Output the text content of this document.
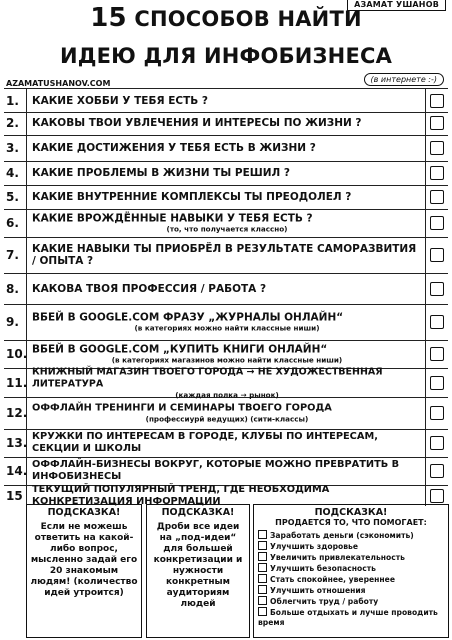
АЗАМАТ УШАНОВ
15 СПОСОБОВ НАЙТИ
ИДЕЮ ДЛЯ ИНФОБИЗНЕСА
AZAMATUSHANOV.COM	(в интернете :-)
1. КАКИЕ ХОББИ У ТЕБЯ ЕСТЬ ?
2. КАКОВЫ ТВОИ УВЛЕЧЕНИЯ И ИНТЕРЕСЫ ПО ЖИЗНИ ?
3. КАКИЕ ДОСТИЖЕНИЯ У ТЕБЯ ЕСТЬ В ЖИЗНИ ?
4. КАКИЕ ПРОБЛЕМЫ В ЖИЗНИ ТЫ РЕШИЛ ?
5. КАКИЕ ВНУТРЕННИЕ КОМПЛЕКСЫ ТЫ ПРЕОДОЛЕЛ ?
6. КАКИЕ ВРОЖДЁННЫЕ НАВЫКИ У ТЕБЯ ЕСТЬ ?
(то, что получается классно)
7. КАКИЕ НАВЫКИ ТЫ ПРИОБРЁЛ В РЕЗУЛЬТАТЕ САМОРАЗВИТИЯ / ОПЫТА ?
8. КАКОВА ТВОЯ ПРОФЕССИЯ / РАБОТА ?
9. ВБЕЙ В GOOGLE.COM ФРАЗУ „ЖУРНАЛЫ ОНЛАЙН“
(в категориях можно найти классные ниши)
10. ВБЕЙ В GOOGLE.COM „КУПИТЬ КНИГИ ОНЛАЙН“
(в категориях магазинов можно найти классные ниши)
11.
КНИЖНЫЙ МАГАЗИН ТВОЕГО ГОРОДА → НЕ ХУДОЖЕСТВЕННАЯ ЛИТЕРАТУРА
(каждая полка → рынок)
12. ОФФЛАЙН ТРЕНИНГИ И СЕМИНАРЫ ТВОЕГО ГОРОДА
(профессиурй ведущих) (сити-классы)
13. КРУЖКИ ПО ИНТЕРЕСАМ В ГОРОДЕ, КЛУБЫ ПО ИНТЕРЕСАМ, СЕКЦИИ И ШКОЛЫ
14. ОФФЛАЙН-БИЗНЕСЫ ВОКРУГ, КОТОРЫЕ МОЖНО ПРЕВРАТИТЬ В ИНФОБИЗНЕСЫ
15 ТЕКУЩИЙ ПОПУЛЯРНЫЙ ТРЕНД, ГДЕ НЕОБХОДИМА КОНКРЕТИЗАЦИЯ ИНФОРМАЦИИ
ПОДСКАЗКА!
Если не можешь ответить на какой-либо вопрос, мысленно задай его 20 знакомым людям! (количество идей утроится)
ПОДСКАЗКА!
Дроби все идеи на „под-идеи“ для большей конкретизации и нужности конкретным аудиториям людей
ПОДСКАЗКА!
ПРОДАЕТСЯ ТО, ЧТО ПОМОГАЕТ:
Заработать деньги (сэкономить)
Улучшить здоровье
Увеличить привлекательность
Улучшить безопасность
Стать спокойнее, увереннее
Улучшить отношения
Облегчить труд / работу
Больше отдыхать и лучше проводить время
